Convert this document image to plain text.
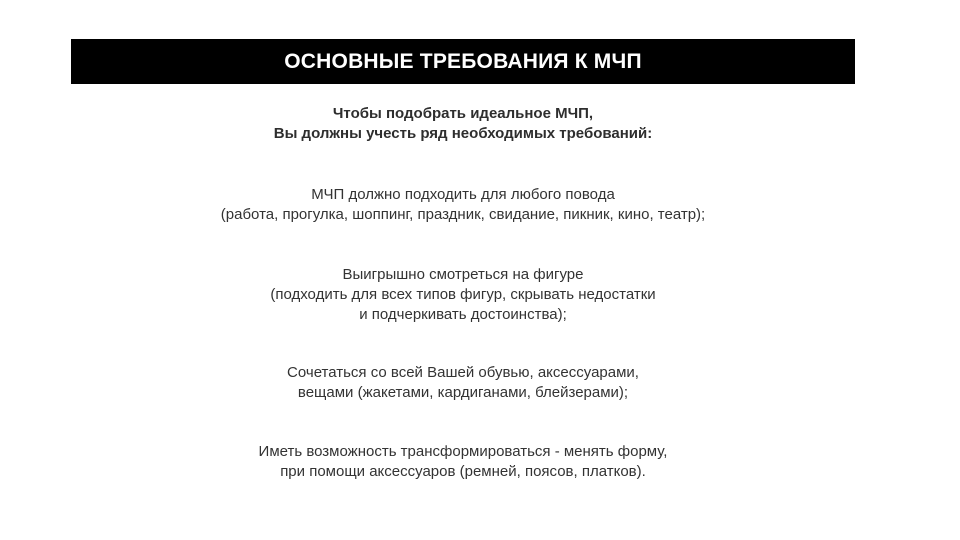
ОСНОВНЫЕ ТРЕБОВАНИЯ К МЧП

Чтобы подобрать идеальное МЧП,
Вы должны учесть ряд необходимых требований:

МЧП должно подходить для любого повода
(работа, прогулка, шоппинг, праздник, свидание, пикник, кино, театр);

Выигрышно смотреться на фигуре
(подходить для всех типов фигур, скрывать недостатки
и подчеркивать достоинства);

Сочетаться со всей Вашей обувью, аксессуарами,
вещами (жакетами, кардиганами, блейзерами);

Иметь возможность трансформироваться - менять форму,
при помощи аксессуаров (ремней, поясов, платков).
